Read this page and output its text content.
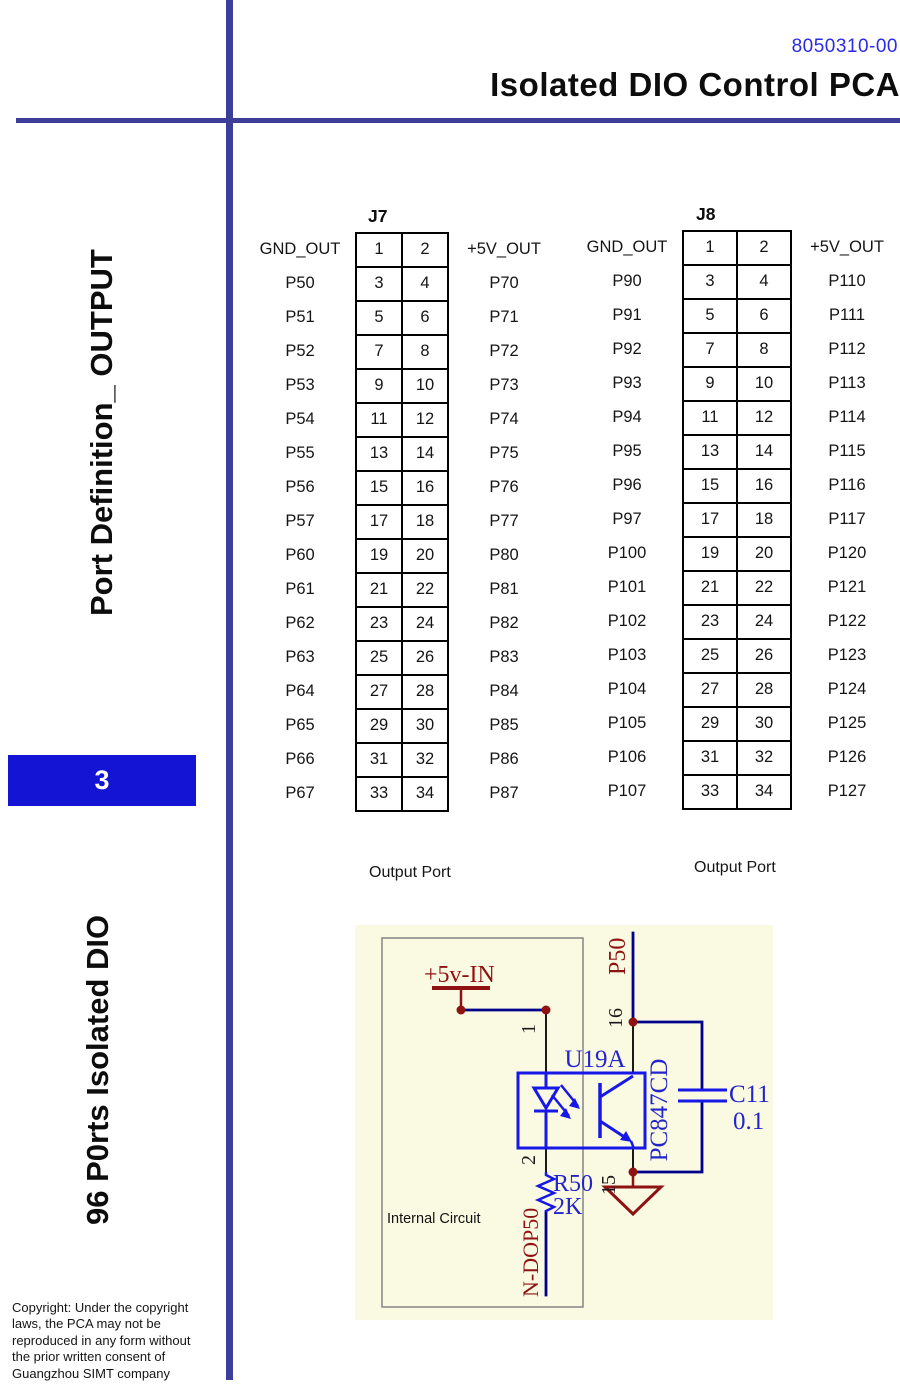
8050310-00
Isolated DIO Control PCA
Port Definition_ OUTPUT
3
96 P0rts Isolated DIO
Copyright: Under the copyright
laws, the PCA may not be
reproduced in any form without
the prior written consent of
Guangzhou SIMT company
J7
GND_OUT	1	2	+5V_OUT
P50	3	4	P70
P51	5	6	P71
P52	7	8	P72
P53	9	10	P73
P54	11	12	P74
P55	13	14	P75
P56	15	16	P76
P57	17	18	P77
P60	19	20	P80
P61	21	22	P81
P62	23	24	P82
P63	25	26	P83
P64	27	28	P84
P65	29	30	P85
P66	31	32	P86
P67	33	34	P87
Output Port
J8
GND_OUT	1	2	+5V_OUT
P90	3	4	P110
P91	5	6	P111
P92	7	8	P112
P93	9	10	P113
P94	11	12	P114
P95	13	14	P115
P96	15	16	P116
P97	17	18	P117
P100	19	20	P120
P101	21	22	P121
P102	23	24	P122
P103	25	26	P123
P104	27	28	P124
P105	29	30	P125
P106	31	32	P126
P107	33	34	P127
Output Port
+5v-IN	P50
16
1
2
15
U19A PC847CD C11
0.1
R50
2K
N-DOP50
Internal Circuit
